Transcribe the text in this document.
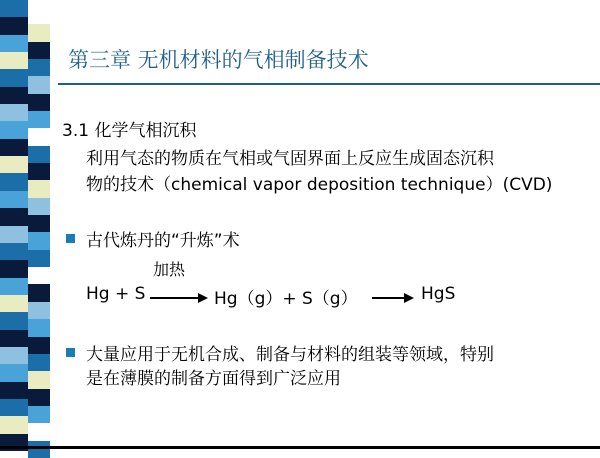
第三章 无机材料的气相制备技术
3.1 化学气相沉积
利用气态的物质在气相或气固界面上反应生成固态沉积
物的技术（chemical vapor deposition technique）(CVD)
古代炼丹的“升炼”术
加热
Hg + S	Hg（g）+ S（g）	HgS
大量应用于无机合成、制备与材料的组装等领域，特别
是在薄膜的制备方面得到广泛应用
